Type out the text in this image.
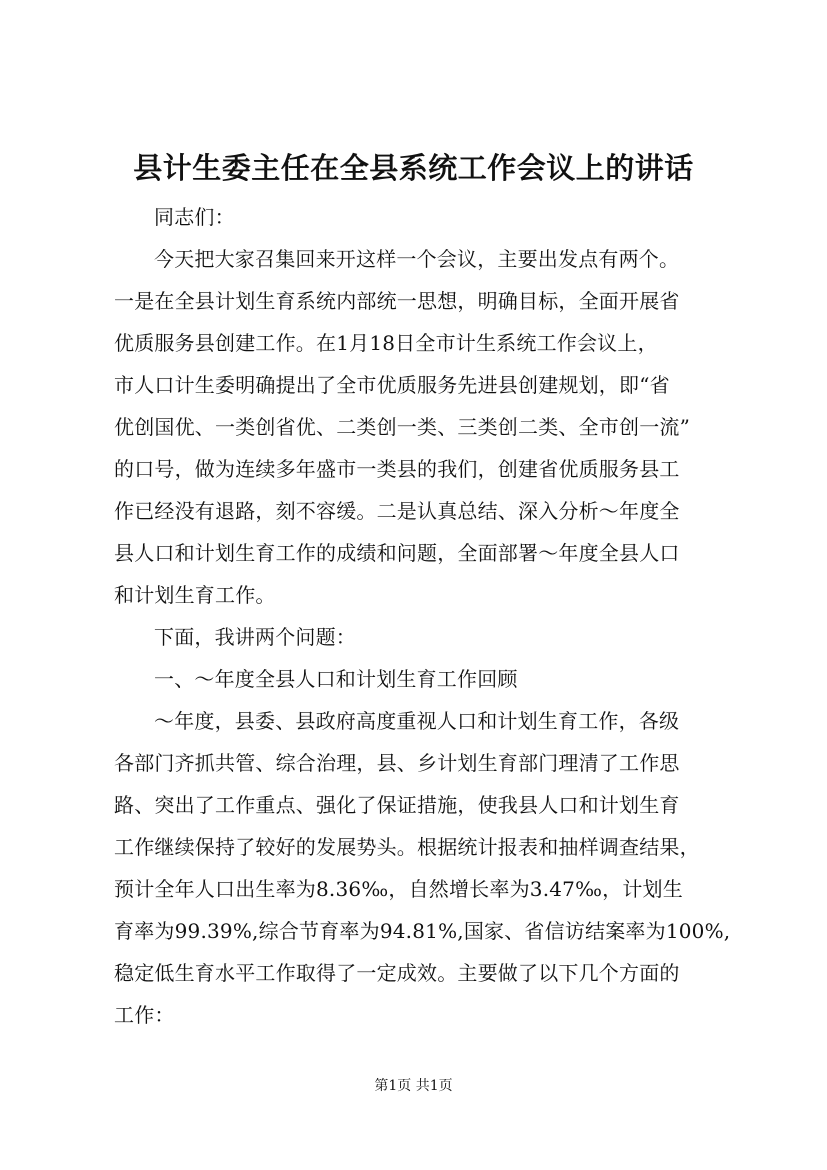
县计生委主任在全县系统工作会议上的讲话
同志们：
今天把大家召集回来开这样一个会议，主要出发点有两个。
一是在全县计划生育系统内部统一思想，明确目标，全面开展省
优质服务县创建工作。在1月18日全市计生系统工作会议上，
市人口计生委明确提出了全市优质服务先进县创建规划，即“省
优创国优、一类创省优、二类创一类、三类创二类、全市创一流”
的口号，做为连续多年盛市一类县的我们，创建省优质服务县工
作已经没有退路，刻不容缓。二是认真总结、深入分析～年度全
县人口和计划生育工作的成绩和问题，全面部署～年度全县人口
和计划生育工作。
下面，我讲两个问题：
一、～年度全县人口和计划生育工作回顾
～年度，县委、县政府高度重视人口和计划生育工作，各级
各部门齐抓共管、综合治理，县、乡计划生育部门理清了工作思
路、突出了工作重点、强化了保证措施，使我县人口和计划生育
工作继续保持了较好的发展势头。根据统计报表和抽样调查结果，
预计全年人口出生率为8.36‰，自然增长率为3.47‰，计划生
育率为99.39%,综合节育率为94.81%,国家、省信访结案率为100%,
稳定低生育水平工作取得了一定成效。主要做了以下几个方面的
工作：
第1页 共1页
